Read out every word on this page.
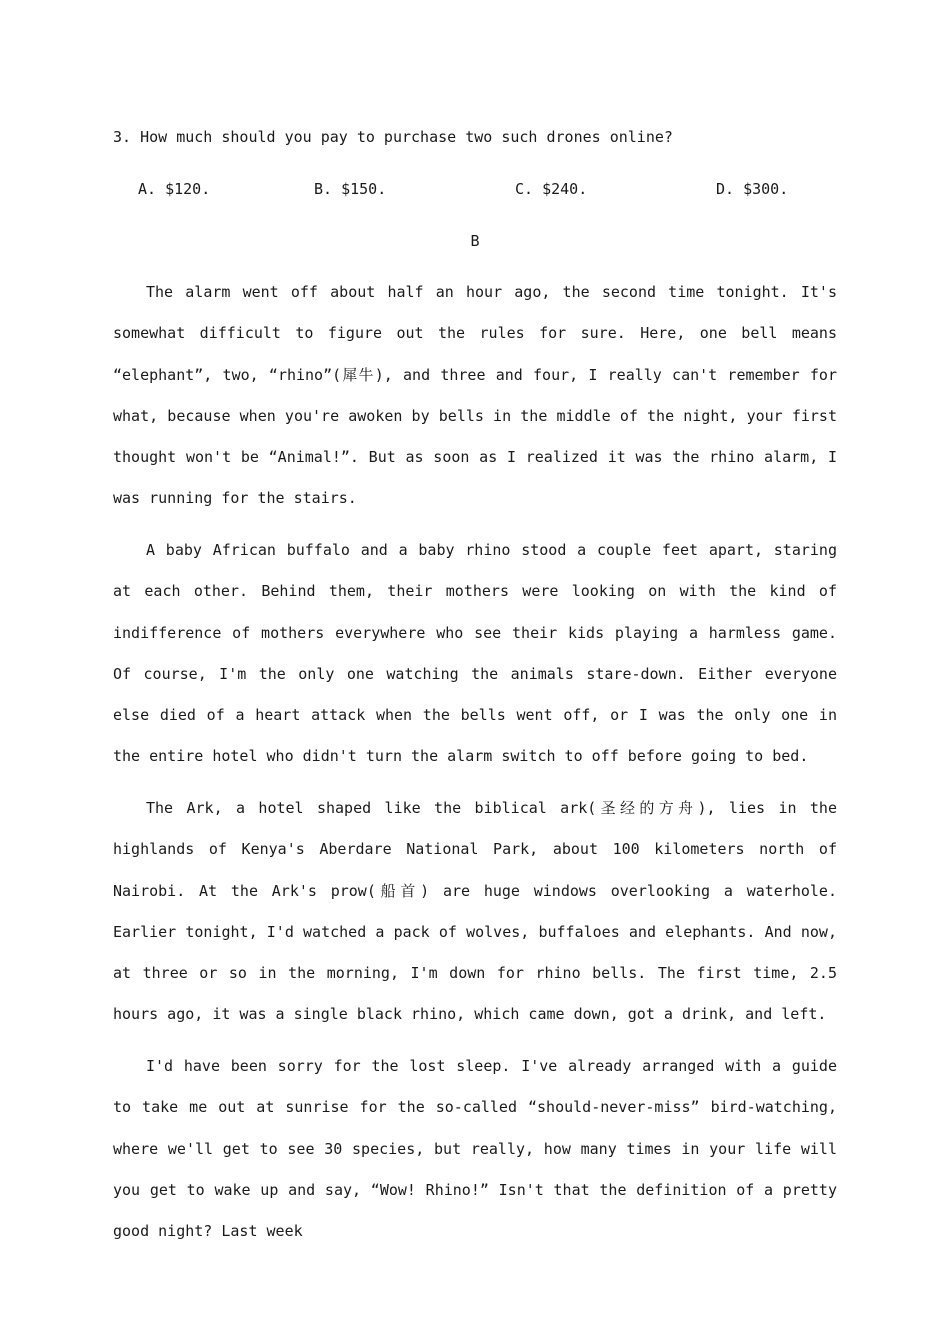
3. How much should you pay to purchase two such drones online?
A. $120.	B. $150.	C. $240.	D. $300.
B

The alarm went off about half an hour ago, the second time tonight. It's somewhat difficult to figure out the rules for sure. Here, one bell means “elephant”, two, “rhino”(犀牛), and three and four, I really can't remember for what, because when you're awoken by bells in the middle of the night, your first thought won't be “Animal!”. But as soon as I realized it was the rhino alarm, I was running for the stairs.

A baby African buffalo and a baby rhino stood a couple feet apart, staring at each other. Behind them, their mothers were looking on with the kind of indifference of mothers everywhere who see their kids playing a harmless game. Of course, I'm the only one watching the animals stare-down. Either everyone else died of a heart attack when the bells went off, or I was the only one in the entire hotel who didn't turn the alarm switch to off before going to bed.

The Ark, a hotel shaped like the biblical ark(圣经的方舟), lies in the highlands of Kenya's Aberdare National Park, about 100 kilometers north of Nairobi. At the Ark's prow(船首) are huge windows overlooking a waterhole. Earlier tonight, I'd watched a pack of wolves, buffaloes and elephants. And now, at three or so in the morning, I'm down for rhino bells. The first time, 2.5 hours ago, it was a single black rhino, which came down, got a drink, and left.

I'd have been sorry for the lost sleep. I've already arranged with a guide to take me out at sunrise for the so-called “should-never-miss” bird-watching, where we'll get to see 30 species, but really, how many times in your life will you get to wake up and say, “Wow! Rhino!” Isn't that the definition of a pretty good night? Last week
